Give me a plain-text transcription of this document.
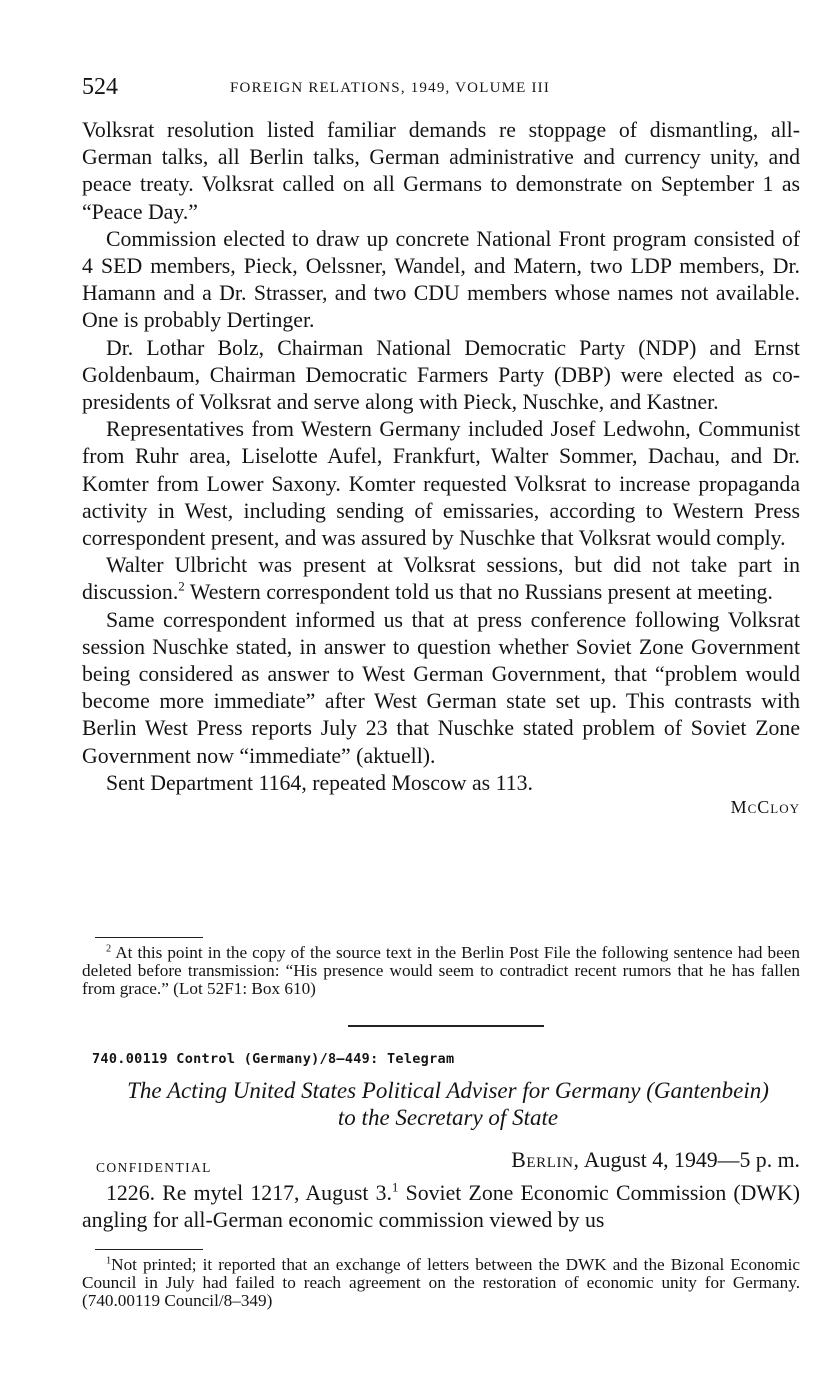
524	FOREIGN RELATIONS, 1949, VOLUME III

Volksrat resolution listed familiar demands re stoppage of dismantling, all-German talks, all Berlin talks, German administrative and currency unity, and peace treaty. Volksrat called on all Germans to demonstrate on September 1 as “Peace Day.”

Commission elected to draw up concrete National Front program consisted of 4 SED members, Pieck, Oelssner, Wandel, and Matern, two LDP members, Dr. Hamann and a Dr. Strasser, and two CDU members whose names not available. One is probably Dertinger.

Dr. Lothar Bolz, Chairman National Democratic Party (NDP) and Ernst Goldenbaum, Chairman Democratic Farmers Party (DBP) were elected as co-presidents of Volksrat and serve along with Pieck, Nuschke, and Kastner.

Representatives from Western Germany included Josef Ledwohn, Communist from Ruhr area, Liselotte Aufel, Frankfurt, Walter Sommer, Dachau, and Dr. Komter from Lower Saxony. Komter requested Volksrat to increase propaganda activity in West, including sending of emissaries, according to Western Press correspondent present, and was assured by Nuschke that Volksrat would comply.

Walter Ulbricht was present at Volksrat sessions, but did not take part in discussion.$^2$ Western correspondent told us that no Russians present at meeting.

Same correspondent informed us that at press conference following Volksrat session Nuschke stated, in answer to question whether Soviet Zone Government being considered as answer to West German Government, that “problem would become more immediate” after West German state set up. This contrasts with Berlin West Press reports July 23 that Nuschke stated problem of Soviet Zone Government now “immediate” (aktuell).

Sent Department 1164, repeated Moscow as 113.

McCloy

$^2$ At this point in the copy of the source text in the Berlin Post File the following sentence had been deleted before transmission: “His presence would seem to contradict recent rumors that he has fallen from grace.” (Lot 52F1: Box 610)

740.00119 Control (Germany)/8–449: Telegram
The Acting United States Political Adviser for Germany (Gantenbein)
to the Secretary of State
CONFIDENTIAL	Berlin, August 4, 1949—5 p. m.

1226. Re mytel 1217, August 3.$^1$ Soviet Zone Economic Commission (DWK) angling for all-German economic commission viewed by us

$^1$Not printed; it reported that an exchange of letters between the DWK and the Bizonal Economic Council in July had failed to reach agreement on the restoration of economic unity for Germany. (740.00119 Council/8–349)
